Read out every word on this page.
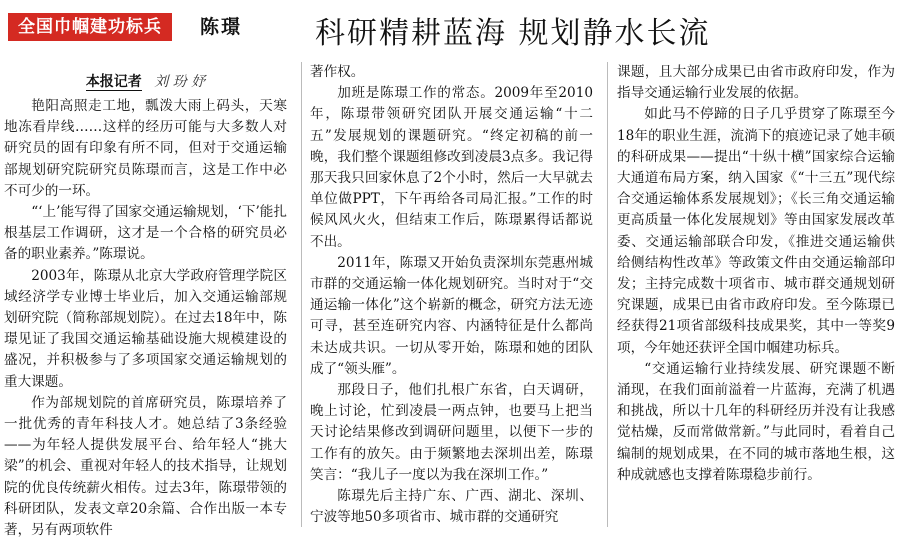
全国巾帼建功标兵	陈璟 科研精耕蓝海 规划静水长流
本报记者 刘 玢 妤

艳阳高照走工地，瓢泼大雨上码头，天寒地冻看岸线……这样的经历可能与大多数人对研究员的固有印象有所不同，但对于交通运输部规划研究院研究员陈璟而言，这是工作中必不可少的一环。

“‘上’能写得了国家交通运输规划，‘下’能扎根基层工作调研，这才是一个合格的研究员必备的职业素养。”陈璟说。

2003年，陈璟从北京大学政府管理学院区域经济学专业博士毕业后，加入交通运输部规划研究院（简称部规划院）。在过去18年中，陈璟见证了我国交通运输基础设施大规模建设的盛况，并积极参与了多项国家交通运输规划的重大课题。

作为部规划院的首席研究员，陈璟培养了一批优秀的青年科技人才。她总结了3条经验——为年轻人提供发展平台、给年轻人“挑大梁”的机会、重视对年轻人的技术指导，让规划院的优良传统薪火相传。过去3年，陈璟带领的科研团队，发表文章20余篇、合作出版一本专著，另有两项软件

著作权。

加班是陈璟工作的常态。2009年至2010年，陈璟带领研究团队开展交通运输“十二五”发展规划的课题研究。“终定初稿的前一晚，我们整个课题组修改到凌晨3点多。我记得那天我只回家休息了2个小时，然后一大早就去单位做PPT，下午再给各司局汇报。”工作的时候风风火火，但结束工作后，陈璟累得话都说不出。

2011年，陈璟又开始负责深圳东莞惠州城市群的交通运输一体化规划研究。当时对于“交通运输一体化”这个崭新的概念，研究方法无迹可寻，甚至连研究内容、内涵特征是什么都尚未达成共识。一切从零开始，陈璟和她的团队成了“领头雁”。

那段日子，他们扎根广东省，白天调研，晚上讨论，忙到凌晨一两点钟，也要马上把当天讨论结果修改到调研问题里，以便下一步的工作有的放矢。由于频繁地去深圳出差，陈璟笑言：“我儿子一度以为我在深圳工作。”

陈璟先后主持广东、广西、湖北、深圳、宁波等地50多项省市、城市群的交通研究

课题，且大部分成果已由省市政府印发，作为指导交通运输行业发展的依据。

如此马不停蹄的日子几乎贯穿了陈璟至今18年的职业生涯，流淌下的痕迹记录了她丰硕的科研成果——提出“十纵十横”国家综合运输大通道布局方案，纳入国家《“十三五”现代综合交通运输体系发展规划》；《长三角交通运输更高质量一体化发展规划》等由国家发展改革委、交通运输部联合印发，《推进交通运输供给侧结构性改革》等政策文件由交通运输部印发；主持完成数十项省市、城市群交通规划研究课题，成果已由省市政府印发。至今陈璟已经获得21项省部级科技成果奖，其中一等奖9项，今年她还获评全国巾帼建功标兵。

“交通运输行业持续发展、研究课题不断涌现，在我们面前溢着一片蓝海，充满了机遇和挑战，所以十几年的科研经历并没有让我感觉枯燥，反而常做常新。”与此同时，看着自己编制的规划成果，在不同的城市落地生根，这种成就感也支撑着陈璟稳步前行。
